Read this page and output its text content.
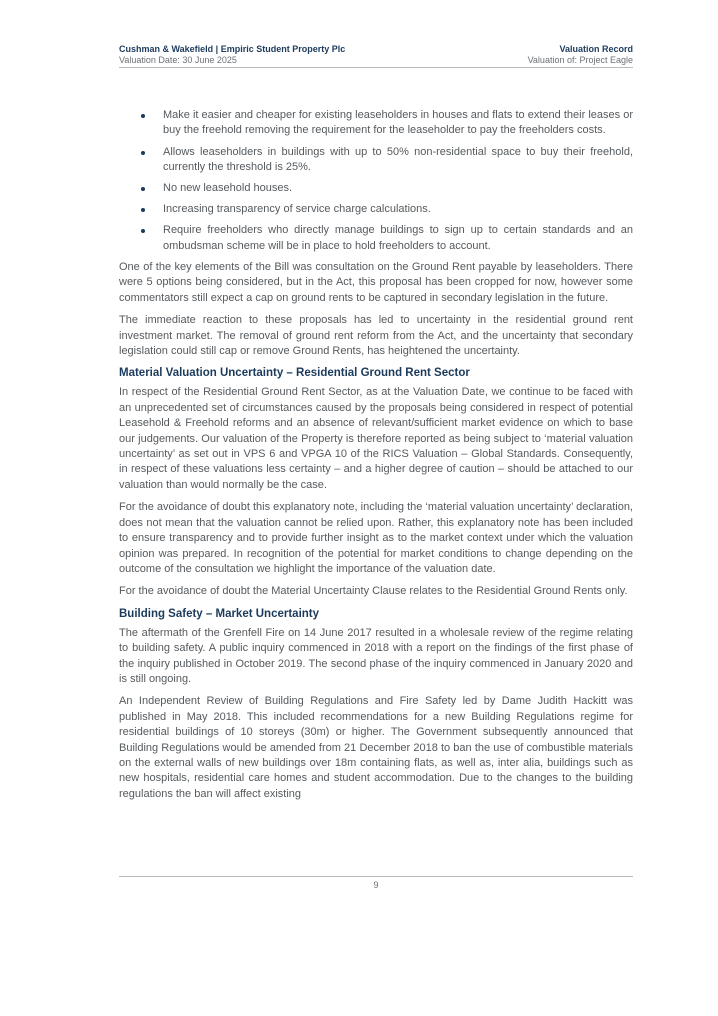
Cushman & Wakefield | Empiric Student Property Plc	Valuation Record
Valuation Date: 30 June 2025	Valuation of: Project Eagle
Make it easier and cheaper for existing leaseholders in houses and flats to extend their leases or buy the freehold removing the requirement for the leaseholder to pay the freeholders costs.
Allows leaseholders in buildings with up to 50% non-residential space to buy their freehold, currently the threshold is 25%.
No new leasehold houses.
Increasing transparency of service charge calculations.
Require freeholders who directly manage buildings to sign up to certain standards and an ombudsman scheme will be in place to hold freeholders to account.

One of the key elements of the Bill was consultation on the Ground Rent payable by leaseholders. There were 5 options being considered, but in the Act, this proposal has been cropped for now, however some commentators still expect a cap on ground rents to be captured in secondary legislation in the future.

The immediate reaction to these proposals has led to uncertainty in the residential ground rent investment market. The removal of ground rent reform from the Act, and the uncertainty that secondary legislation could still cap or remove Ground Rents, has heightened the uncertainty.

Material Valuation Uncertainty – Residential Ground Rent Sector

In respect of the Residential Ground Rent Sector, as at the Valuation Date, we continue to be faced with an unprecedented set of circumstances caused by the proposals being considered in respect of potential Leasehold & Freehold reforms and an absence of relevant/sufficient market evidence on which to base our judgements. Our valuation of the Property is therefore reported as being subject to ‘material valuation uncertainty’ as set out in VPS 6 and VPGA 10 of the RICS Valuation – Global Standards. Consequently, in respect of these valuations less certainty – and a higher degree of caution – should be attached to our valuation than would normally be the case.

For the avoidance of doubt this explanatory note, including the ‘material valuation uncertainty’ declaration, does not mean that the valuation cannot be relied upon. Rather, this explanatory note has been included to ensure transparency and to provide further insight as to the market context under which the valuation opinion was prepared. In recognition of the potential for market conditions to change depending on the outcome of the consultation we highlight the importance of the valuation date.

For the avoidance of doubt the Material Uncertainty Clause relates to the Residential Ground Rents only.

Building Safety – Market Uncertainty

The aftermath of the Grenfell Fire on 14 June 2017 resulted in a wholesale review of the regime relating to building safety. A public inquiry commenced in 2018 with a report on the findings of the first phase of the inquiry published in October 2019. The second phase of the inquiry commenced in January 2020 and is still ongoing.

An Independent Review of Building Regulations and Fire Safety led by Dame Judith Hackitt was published in May 2018. This included recommendations for a new Building Regulations regime for residential buildings of 10 storeys (30m) or higher. The Government subsequently announced that Building Regulations would be amended from 21 December 2018 to ban the use of combustible materials on the external walls of new buildings over 18m containing flats, as well as, inter alia, buildings such as new hospitals, residential care homes and student accommodation. Due to the changes to the building regulations the ban will affect existing

9
